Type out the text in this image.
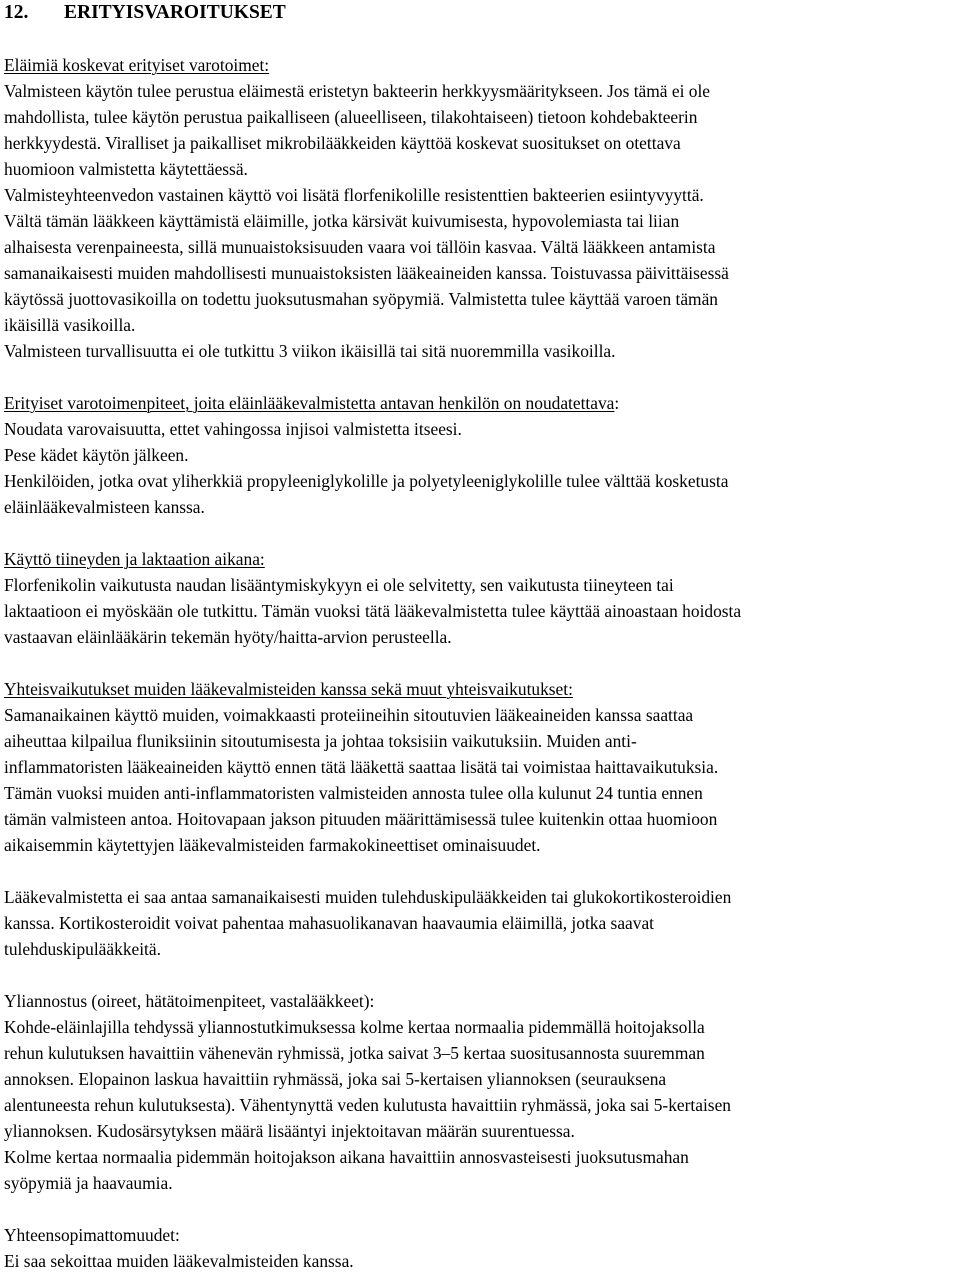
12. ERITYISVAROITUKSET
Eläimiä koskevat erityiset varotoimet:
Valmisteen käytön tulee perustua eläimestä eristetyn bakteerin herkkyysmääritykseen. Jos tämä ei ole
mahdollista, tulee käytön perustua paikalliseen (alueelliseen, tilakohtaiseen) tietoon kohdebakteerin
herkkyydestä. Viralliset ja paikalliset mikrobilääkkeiden käyttöä koskevat suositukset on otettava
huomioon valmistetta käytettäessä.
Valmisteyhteenvedon vastainen käyttö voi lisätä florfenikolille resistenttien bakteerien esiintyvyyttä.
Vältä tämän lääkkeen käyttämistä eläimille, jotka kärsivät kuivumisesta, hypovolemiasta tai liian
alhaisesta verenpaineesta, sillä munuaistoksisuuden vaara voi tällöin kasvaa. Vältä lääkkeen antamista
samanaikaisesti muiden mahdollisesti munuaistoksisten lääkeaineiden kanssa. Toistuvassa päivittäisessä
käytössä juottovasikoilla on todettu juoksutusmahan syöpymiä. Valmistetta tulee käyttää varoen tämän
ikäisillä vasikoilla.
Valmisteen turvallisuutta ei ole tutkittu 3 viikon ikäisillä tai sitä nuoremmilla vasikoilla.
Erityiset varotoimenpiteet, joita eläinlääkevalmistetta antavan henkilön on noudatettava:
Noudata varovaisuutta, ettet vahingossa injisoi valmistetta itseesi.
Pese kädet käytön jälkeen.
Henkilöiden, jotka ovat yliherkkiä propyleeniglykolille ja polyetyleeniglykolille tulee välttää kosketusta
eläinlääkevalmisteen kanssa.
Käyttö tiineyden ja laktaation aikana:
Florfenikolin vaikutusta naudan lisääntymiskykyyn ei ole selvitetty, sen vaikutusta tiineyteen tai
laktaatioon ei myöskään ole tutkittu. Tämän vuoksi tätä lääkevalmistetta tulee käyttää ainoastaan hoidosta
vastaavan eläinlääkärin tekemän hyöty/haitta-arvion perusteella.
Yhteisvaikutukset muiden lääkevalmisteiden kanssa sekä muut yhteisvaikutukset:
Samanaikainen käyttö muiden, voimakkaasti proteiineihin sitoutuvien lääkeaineiden kanssa saattaa
aiheuttaa kilpailua fluniksiinin sitoutumisesta ja johtaa toksisiin vaikutuksiin. Muiden anti-
inflammatoristen lääkeaineiden käyttö ennen tätä lääkettä saattaa lisätä tai voimistaa haittavaikutuksia.
Tämän vuoksi muiden anti-inflammatoristen valmisteiden annosta tulee olla kulunut 24 tuntia ennen
tämän valmisteen antoa. Hoitovapaan jakson pituuden määrittämisessä tulee kuitenkin ottaa huomioon
aikaisemmin käytettyjen lääkevalmisteiden farmakokineettiset ominaisuudet.
Lääkevalmistetta ei saa antaa samanaikaisesti muiden tulehduskipulääkkeiden tai glukokortikosteroidien
kanssa. Kortikosteroidit voivat pahentaa mahasuolikanavan haavaumia eläimillä, jotka saavat
tulehduskipulääkkeitä.
Yliannostus (oireet, hätätoimenpiteet, vastalääkkeet):
Kohde-eläinlajilla tehdyssä yliannostutkimuksessa kolme kertaa normaalia pidemmällä hoitojaksolla
rehun kulutuksen havaittiin vähenevän ryhmissä, jotka saivat 3–5 kertaa suositusannosta suuremman
annoksen. Elopainon laskua havaittiin ryhmässä, joka sai 5-kertaisen yliannoksen (seurauksena
alentuneesta rehun kulutuksesta). Vähentynyttä veden kulutusta havaittiin ryhmässä, joka sai 5-kertaisen
yliannoksen. Kudosärsytyksen määrä lisääntyi injektoitavan määrän suurentuessa.
Kolme kertaa normaalia pidemmän hoitojakson aikana havaittiin annosvasteisesti juoksutusmahan
syöpymiä ja haavaumia.
Yhteensopimattomuudet:
Ei saa sekoittaa muiden lääkevalmisteiden kanssa.
